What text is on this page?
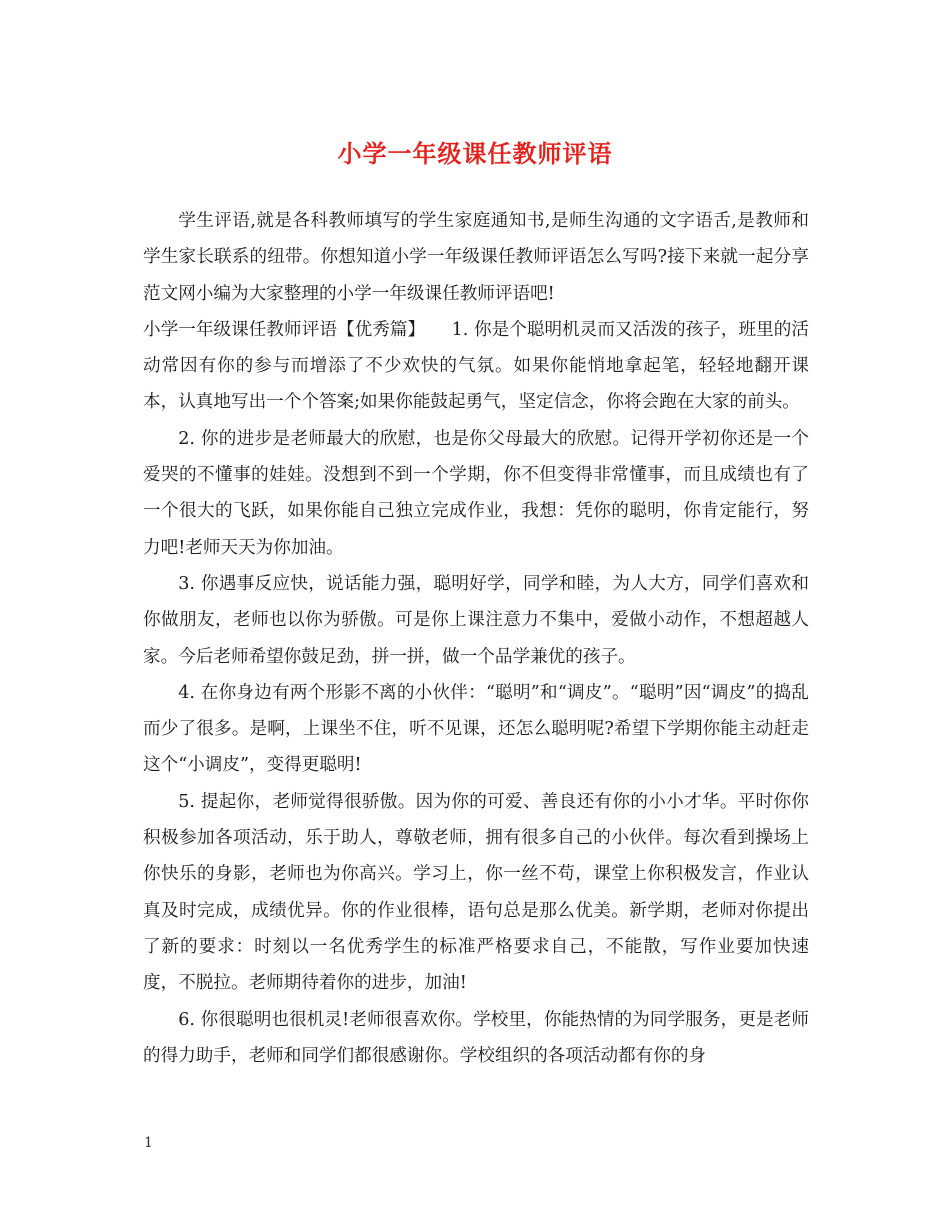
小学一年级课任教师评语

学生评语,就是各科教师填写的学生家庭通知书,是师生沟通的文字语舌,是教师和学生家长联系的纽带。你想知道小学一年级课任教师评语怎么写吗?接下来就一起分享范文网小编为大家整理的小学一年级课任教师评语吧!

小学一年级课任教师评语【优秀篇】　　1. 你是个聪明机灵而又活泼的孩子，班里的活动常因有你的参与而增添了不少欢快的气氛。如果你能悄地拿起笔，轻轻地翻开课本，认真地写出一个个答案;如果你能鼓起勇气，坚定信念，你将会跑在大家的前头。

2. 你的进步是老师最大的欣慰，也是你父母最大的欣慰。记得开学初你还是一个爱哭的不懂事的娃娃。没想到不到一个学期，你不但变得非常懂事，而且成绩也有了一个很大的飞跃，如果你能自己独立完成作业，我想：凭你的聪明，你肯定能行，努力吧!老师天天为你加油。

3. 你遇事反应快，说话能力强，聪明好学，同学和睦，为人大方，同学们喜欢和你做朋友，老师也以你为骄傲。可是你上课注意力不集中，爱做小动作，不想超越人家。今后老师希望你鼓足劲，拼一拼，做一个品学兼优的孩子。

4. 在你身边有两个形影不离的小伙伴：“聪明”和“调皮”。“聪明”因“调皮”的捣乱而少了很多。是啊，上课坐不住，听不见课，还怎么聪明呢?希望下学期你能主动赶走这个“小调皮”，变得更聪明!

5. 提起你，老师觉得很骄傲。因为你的可爱、善良还有你的小小才华。平时你你积极参加各项活动，乐于助人，尊敬老师，拥有很多自己的小伙伴。每次看到操场上你快乐的身影，老师也为你高兴。学习上，你一丝不苟，课堂上你积极发言，作业认真及时完成，成绩优异。你的作业很棒，语句总是那么优美。新学期，老师对你提出了新的要求：时刻以一名优秀学生的标准严格要求自己，不能散，写作业要加快速度，不脱拉。老师期待着你的进步，加油!

6. 你很聪明也很机灵!老师很喜欢你。学校里，你能热情的为同学服务，更是老师的得力助手，老师和同学们都很感谢你。学校组织的各项活动都有你的身

1
